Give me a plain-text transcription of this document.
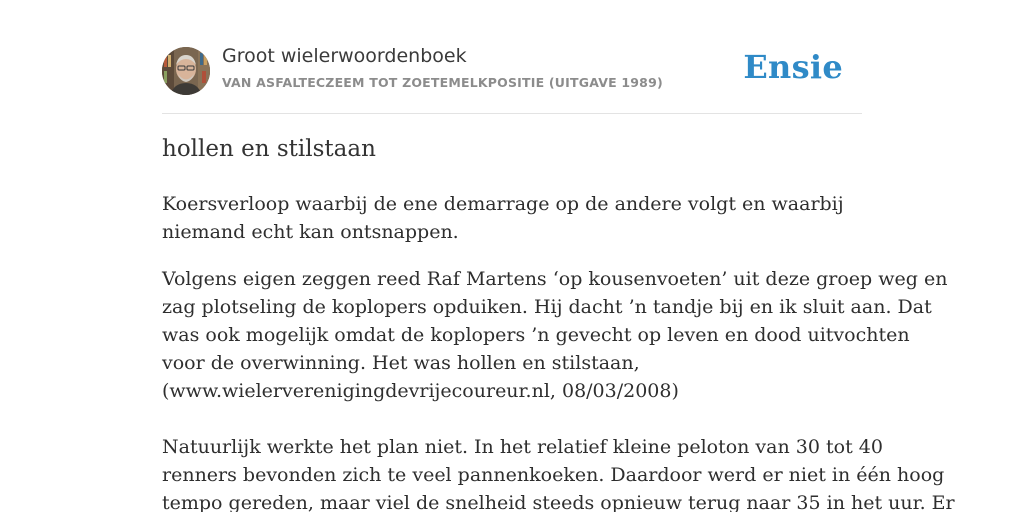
Groot wielerwoordenboek
VAN ASFALTECZEEM TOT ZOETEMELKPOSITIE (UITGAVE 1989)	Ensie
hollen en stilstaan

Koersverloop waarbij de ene demarrage op de andere volgt en waarbij niemand echt kan ontsnappen.

Volgens eigen zeggen reed Raf Martens ‘op kousenvoeten’ uit deze groep weg en
zag plotseling de koplopers opduiken. Hij dacht ’n tandje bij en ik sluit aan. Dat
was ook mogelijk omdat de koplopers ’n gevecht op leven en dood uitvochten
voor de overwinning. Het was hollen en stilstaan,
(www.wielerverenigingdevrijecoureur.nl, 08/03/2008)

Natuurlijk werkte het plan niet. In het relatief kleine peloton van 30 tot 40
renners bevonden zich te veel pannenkoeken. Daardoor werd er niet in één hoog
tempo gereden, maar viel de snelheid steeds opnieuw terug naar 35 in het uur. Er
